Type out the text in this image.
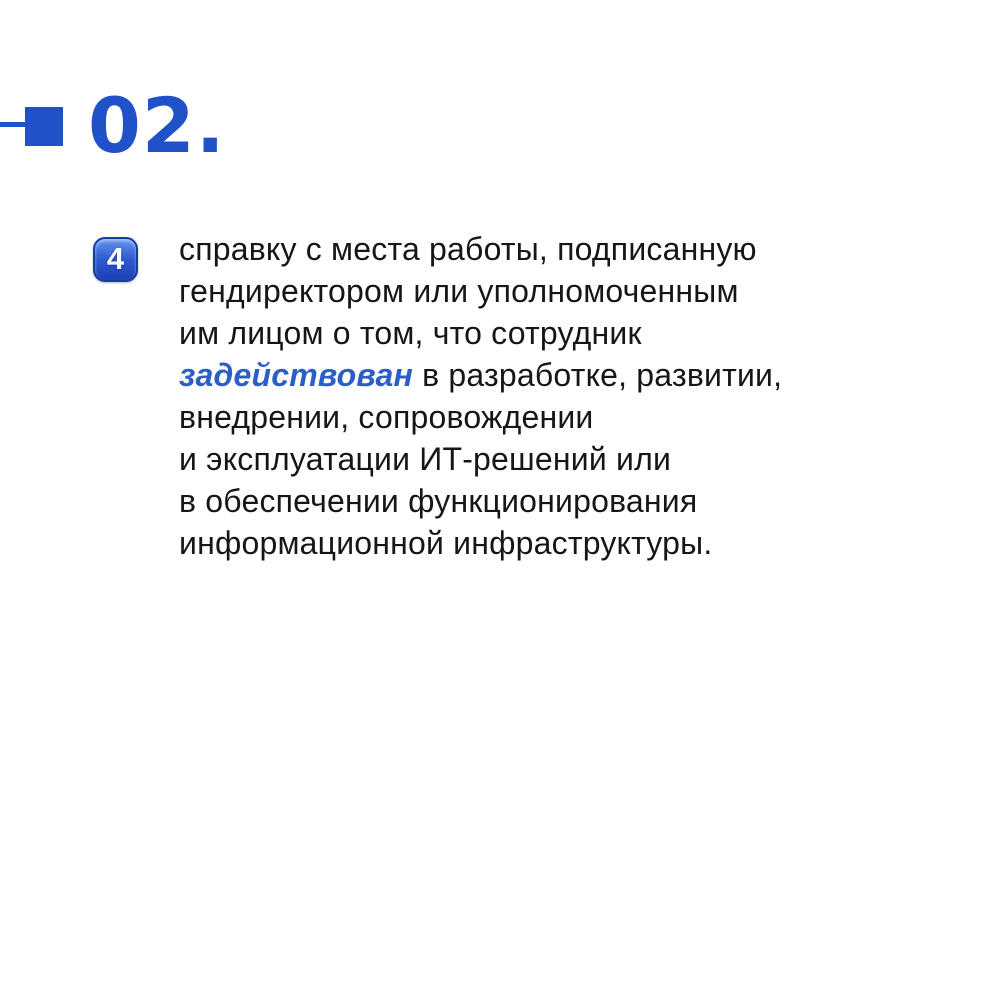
02.
4 справку с места работы, подписанную
гендиректором или уполномоченным
им лицом о том, что сотрудник
задействован в разработке, развитии,
внедрении, сопровождении
и эксплуатации ИТ-решений или
в обеспечении функционирования
информационной инфраструктуры.
